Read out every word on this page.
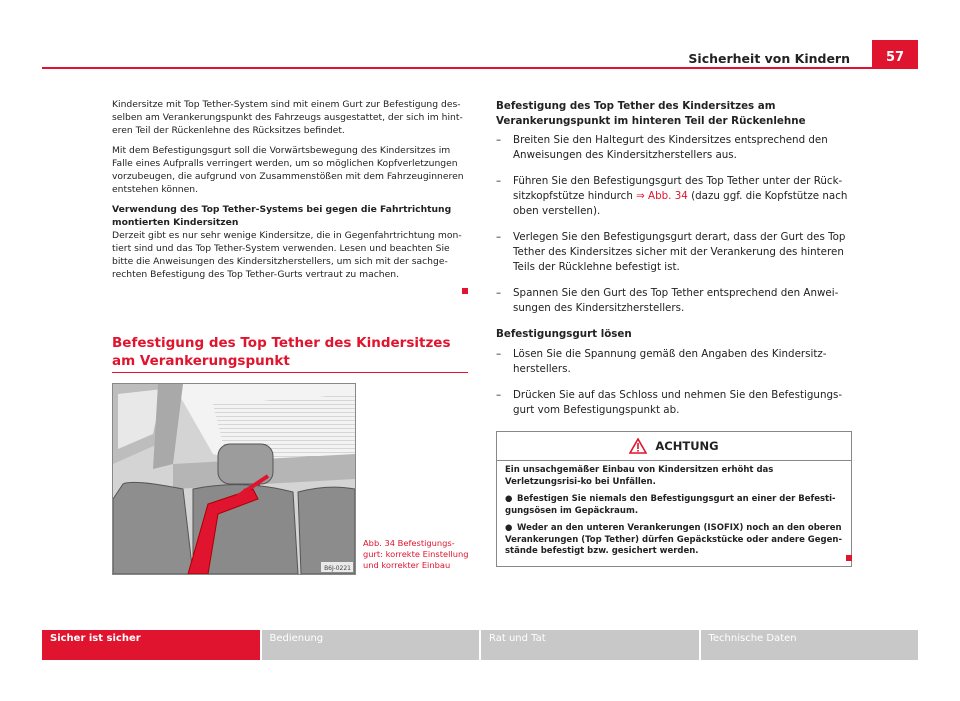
Sicherheit von Kindern	57

Kindersitze mit Top Tether-System sind mit einem Gurt zur Befestigung des-selben am Verankerungspunkt des Fahrzeugs ausgestattet, der sich im hint-eren Teil der Rückenlehne des Rücksitzes befindet.

Mit dem Befestigungsgurt soll die Vorwärtsbewegung des Kindersitzes im Falle eines Aufpralls verringert werden, um so möglichen Kopfverletzungen vorzubeugen, die aufgrund von Zusammenstößen mit dem Fahrzeuginneren entstehen können.

Verwendung des Top Tether-Systems bei gegen die Fahrtrichtung montierten Kindersitzen

Derzeit gibt es nur sehr wenige Kindersitze, die in Gegenfahrtrichtung mon-tiert sind und das Top Tether-System verwenden. Lesen und beachten Sie bitte die Anweisungen des Kindersitzherstellers, um sich mit der sachge-rechten Befestigung des Top Tether-Gurts vertraut zu machen.

Befestigung des Top Tether des Kindersitzes am Verankerungspunkt
B6J-0221
Abb. 34 Befestigungs-gurt: korrekte Einstellung und korrekter Einbau

Befestigung des Top Tether des Kindersitzes am Verankerungspunkt im hinteren Teil der Rückenlehne

– Breiten Sie den Haltegurt des Kindersitzes entsprechend den Anweisungen des Kindersitzherstellers aus.
– Führen Sie den Befestigungsgurt des Top Tether unter der Rück-sitzkopfstütze hindurch ⇒ Abb. 34 (dazu ggf. die Kopfstütze nach oben verstellen).
– Verlegen Sie den Befestigungsgurt derart, dass der Gurt des Top Tether des Kindersitzes sicher mit der Verankerung des hinteren Teils der Rücklehne befestigt ist.
– Spannen Sie den Gurt des Top Tether entsprechend den Anwei-sungen des Kindersitzherstellers.

Befestigungsgurt lösen

– Lösen Sie die Spannung gemäß den Angaben des Kindersitz-herstellers.
– Drücken Sie auf das Schloss und nehmen Sie den Befestigungs-gurt vom Befestigungspunkt ab.
ACHTUNG

Ein unsachgemäßer Einbau von Kindersitzen erhöht das Verletzungsrisi-ko bei Unfällen.

● Befestigen Sie niemals den Befestigungsgurt an einer der Befesti-gungsösen im Gepäckraum.

● Weder an den unteren Verankerungen (ISOFIX) noch an den oberen Verankerungen (Top Tether) dürfen Gepäckstücke oder andere Gegen-stände befestigt bzw. gesichert werden.

Sicher ist sicher	Bedienung	Rat und Tat	Technische Daten
